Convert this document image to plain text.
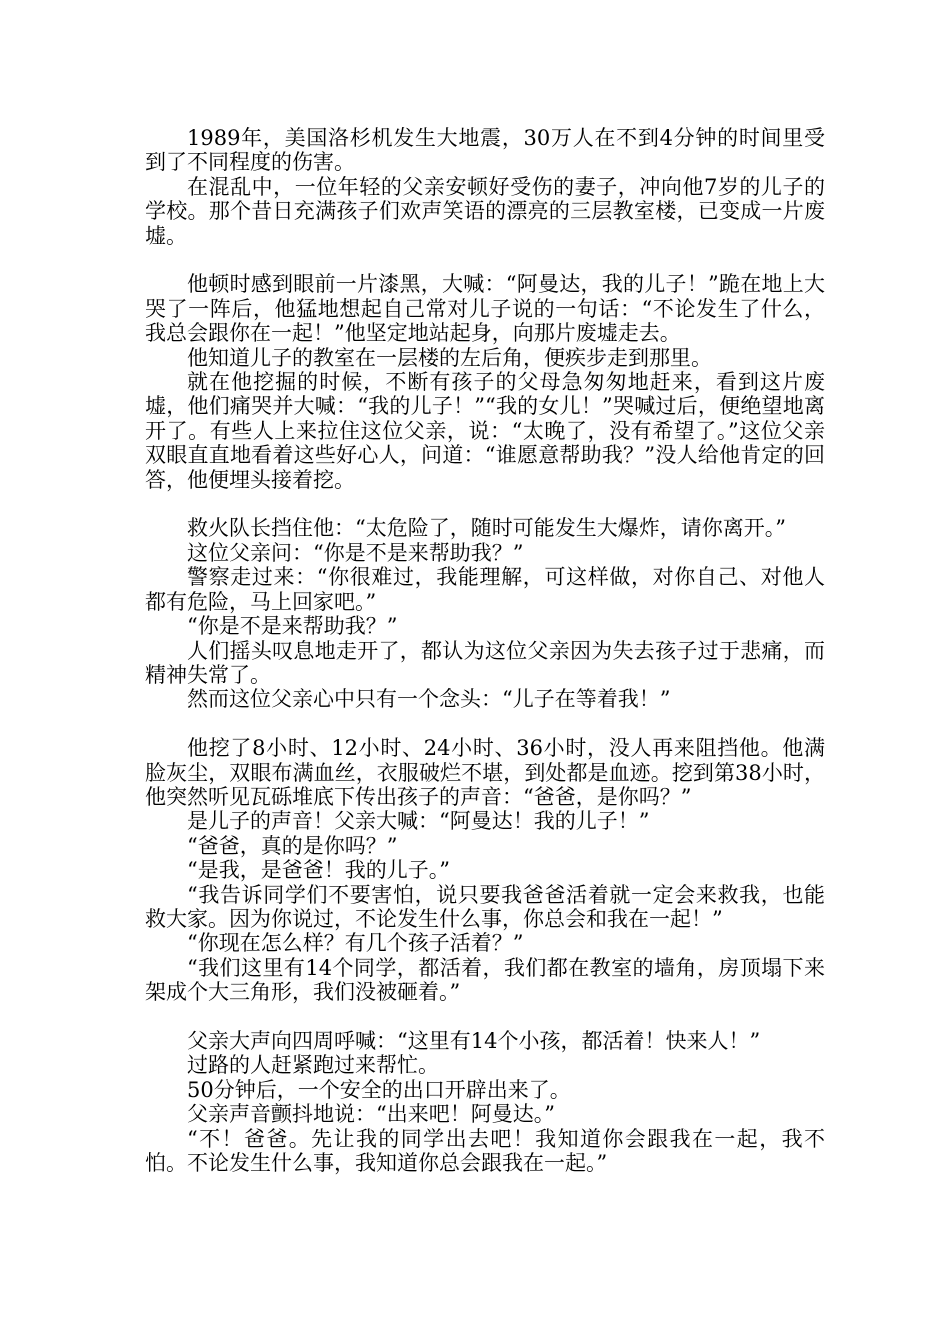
1989年，美国洛杉机发生大地震，30万人在不到4分钟的时间里受到了不同程度的伤害。

在混乱中，一位年轻的父亲安顿好受伤的妻子，冲向他7岁的儿子的学校。那个昔日充满孩子们欢声笑语的漂亮的三层教室楼，已变成一片废墟。

他顿时感到眼前一片漆黑，大喊：“阿曼达，我的儿子！”跪在地上大哭了一阵后，他猛地想起自己常对儿子说的一句话：“不论发生了什么，我总会跟你在一起！”他坚定地站起身，向那片废墟走去。

他知道儿子的教室在一层楼的左后角，便疾步走到那里。

就在他挖掘的时候，不断有孩子的父母急匆匆地赶来，看到这片废墟，他们痛哭并大喊：“我的儿子！”“我的女儿！”哭喊过后，便绝望地离开了。有些人上来拉住这位父亲，说：“太晚了，没有希望了。”这位父亲双眼直直地看着这些好心人，问道：“谁愿意帮助我？”没人给他肯定的回答，他便埋头接着挖。

救火队长挡住他：“太危险了，随时可能发生大爆炸，请你离开。”

这位父亲问：“你是不是来帮助我？”

警察走过来：“你很难过，我能理解，可这样做，对你自己、对他人都有危险，马上回家吧。”

“你是不是来帮助我？”

人们摇头叹息地走开了，都认为这位父亲因为失去孩子过于悲痛，而精神失常了。

然而这位父亲心中只有一个念头：“儿子在等着我！”

他挖了8小时、12小时、24小时、36小时，没人再来阻挡他。他满脸灰尘，双眼布满血丝，衣服破烂不堪，到处都是血迹。挖到第38小时，他突然听见瓦砾堆底下传出孩子的声音：“爸爸，是你吗？”

是儿子的声音！父亲大喊：“阿曼达！我的儿子！”

“爸爸，真的是你吗？”

“是我，是爸爸！我的儿子。”

“我告诉同学们不要害怕，说只要我爸爸活着就一定会来救我，也能救大家。因为你说过，不论发生什么事，你总会和我在一起！”

“你现在怎么样？有几个孩子活着？”

“我们这里有14个同学，都活着，我们都在教室的墙角，房顶塌下来架成个大三角形，我们没被砸着。”

父亲大声向四周呼喊：“这里有14个小孩，都活着！快来人！”

过路的人赶紧跑过来帮忙。

50分钟后，一个安全的出口开辟出来了。

父亲声音颤抖地说：“出来吧！阿曼达。”

“不！爸爸。先让我的同学出去吧！我知道你会跟我在一起，我不怕。不论发生什么事，我知道你总会跟我在一起。”
